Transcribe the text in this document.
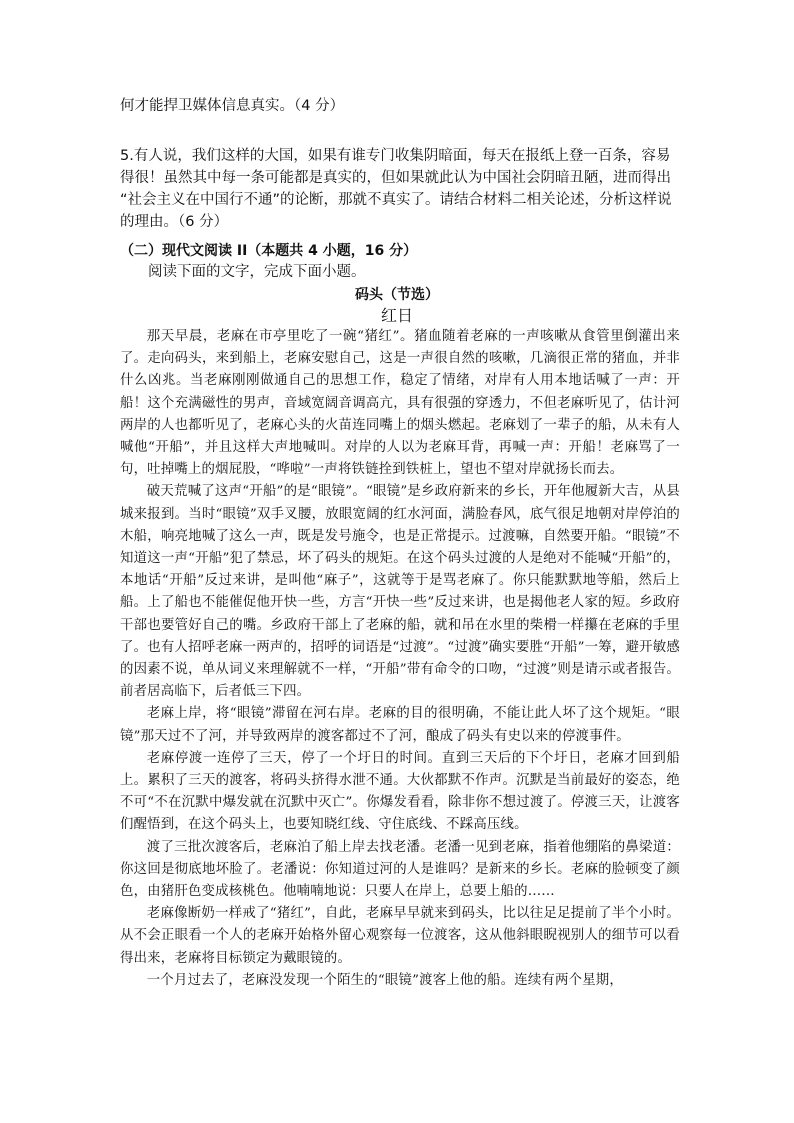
何才能捍卫媒体信息真实。（4 分）
5.有人说，我们这样的大国，如果有谁专门收集阴暗面，每天在报纸上登一百条，容易
得很！虽然其中每一条可能都是真实的，但如果就此认为中国社会阴暗丑陋，进而得出
“社会主义在中国行不通”的论断，那就不真实了。请结合材料二相关论述，分析这样说
的理由。（6 分）
（二）现代文阅读 II（本题共 4 小题，16 分）
阅读下面的文字，完成下面小题。
码头（节选）
红日

那天早晨，老麻在市亭里吃了一碗“猪红”。猪血随着老麻的一声咳嗽从食管里倒灌出来了。走向码头，来到船上，老麻安慰自己，这是一声很自然的咳嗽，几滴很正常的猪血，并非什么凶兆。当老麻刚刚做通自己的思想工作，稳定了情绪，对岸有人用本地话喊了一声：开船！这个充满磁性的男声，音域宽阔音调高亢，具有很强的穿透力，不但老麻听见了，估计河两岸的人也都听见了，老麻心头的火苗连同嘴上的烟头燃起。老麻划了一辈子的船，从未有人喊他“开船”，并且这样大声地喊叫。对岸的人以为老麻耳背，再喊一声：开船！老麻骂了一句，吐掉嘴上的烟屁股，“哗啦”一声将铁链拴到铁桩上，望也不望对岸就扬长而去。

破天荒喊了这声“开船”的是“眼镜”。“眼镜”是乡政府新来的乡长，开年他履新大吉，从县城来报到。当时“眼镜”双手叉腰，放眼宽阔的红水河面，满脸春风，底气很足地朝对岸停泊的木船，响亮地喊了这么一声，既是发号施令，也是正常提示。过渡嘛，自然要开船。“眼镜”不知道这一声“开船”犯了禁忌，坏了码头的规矩。在这个码头过渡的人是绝对不能喊“开船”的，本地话“开船”反过来讲，是叫他“麻子”，这就等于是骂老麻了。你只能默默地等船，然后上船。上了船也不能催促他开快一些，方言“开快一些”反过来讲，也是揭他老人家的短。乡政府干部也要管好自己的嘴。乡政府干部上了老麻的船，就和吊在水里的柴榾一样攥在老麻的手里了。也有人招呼老麻一两声的，招呼的词语是“过渡”。“过渡”确实要胜“开船”一筹，避开敏感的因素不说，单从词义来理解就不一样，“开船”带有命令的口吻，“过渡”则是请示或者报告。前者居高临下，后者低三下四。

老麻上岸，将“眼镜”滞留在河右岸。老麻的目的很明确，不能让此人坏了这个规矩。“眼镜”那天过不了河，并导致两岸的渡客都过不了河，酿成了码头有史以来的停渡事件。

老麻停渡一连停了三天，停了一个圩日的时间。直到三天后的下个圩日，老麻才回到船上。累积了三天的渡客，将码头挤得水泄不通。大伙都默不作声。沉默是当前最好的姿态，绝不可“不在沉默中爆发就在沉默中灭亡”。你爆发看看，除非你不想过渡了。停渡三天，让渡客们醒悟到，在这个码头上，也要知晓红线、守住底线、不踩高压线。

渡了三批次渡客后，老麻泊了船上岸去找老潘。老潘一见到老麻，指着他绷陷的鼻梁道：你这回是彻底地坏脸了。老潘说：你知道过河的人是谁吗？是新来的乡长。老麻的脸顿变了颜色，由猪肝色变成核桃色。他喃喃地说：只要人在岸上，总要上船的……

老麻像断奶一样戒了“猪红”，自此，老麻早早就来到码头，比以往足足提前了半个小时。从不会正眼看一个人的老麻开始格外留心观察每一位渡客，这从他斜眼睨视别人的细节可以看得出来，老麻将目标锁定为戴眼镜的。

一个月过去了，老麻没发现一个陌生的“眼镜”渡客上他的船。连续有两个星期，
